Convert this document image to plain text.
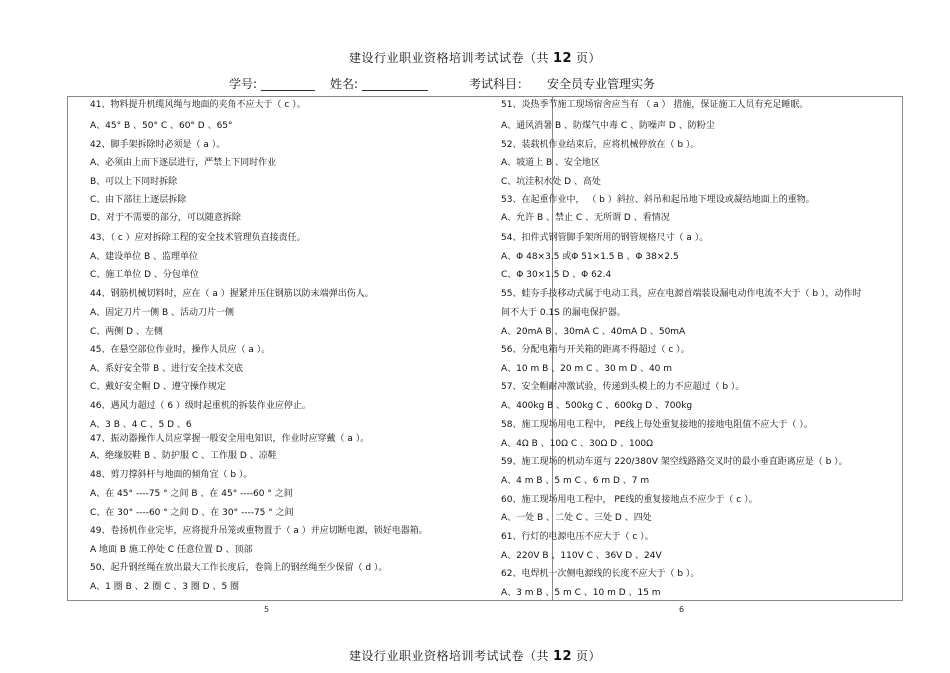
建设行业职业资格培训考试试卷（共 12 页）
学号: _________ 姓名: ___________	考试科目： 安全员专业管理实务
41、物料提升机缆风绳与地面的夹角不应大于（ c ）。
A、45° B 、50° C 、60° D 、65°
42、脚手架拆除时必须是（ a ）。
A、必须由上而下逐层进行，严禁上下同时作业
B、可以上下同时拆除
C、由下部往上逐层拆除
D、对于不需要的部分，可以随意拆除
43、（ c ）应对拆除工程的安全技术管理负直接责任。
A、建设单位 B 、监理单位
C、施工单位 D 、分包单位
44、钢筋机械切料时，应在（ a ）握紧并压住钢筋以防末端弹出伤人。
A、固定刀片一侧 B 、活动刀片一侧
C、两侧 D 、左侧
45、在悬空部位作业时，操作人员应（ a ）。
A、系好安全带 B 、进行安全技术交底
C、戴好安全帽 D 、遵守操作规定
46、遇风力超过（ 6 ）级时起重机的拆装作业应停止。
A、3 B 、4 C 、5 D 、6
47、振动器操作人员应掌握一般安全用电知识，作业时应穿戴（ a ）。
A、绝缘胶鞋 B 、防护服 C 、工作服 D 、凉鞋
48、剪刀撑斜杆与地面的倾角宜（ b ）。
A、在 45° ----75 ° 之间 B 、在 45° ----60 ° 之间
C、在 30° ----60 ° 之间 D 、在 30° ----75 ° 之间
49、卷扬机作业完毕，应将提升吊笼或重物置于（ a ）并应切断电源，锁好电器箱。
A 地面 B 施工停处 C 任意位置 D 、顶部
50、起升钢丝绳在放出最大工作长度后，卷筒上的钢丝绳至少保留（ d ）。
A、1 圈 B 、2 圈 C 、3 圈 D 、5 圈
51、炎热季节施工现场宿舍应当有 （ a ） 措施，保证施工人员有充足睡眠。
A、通风消暑 B 、防煤气中毒 C 、防噪声 D 、防粉尘
52、装载机作业结束后，应将机械停放在（ b ）。
A、坡道上 B 、安全地区
C、坑洼积水处 D 、高处
53、在起重作业中， （ b ）斜拉、斜吊和起吊地下埋设或凝结地面上的重物。
A、允许 B 、禁止 C 、无所谓 D 、看情况
54、扣件式钢管脚手架所用的钢管规格尺寸（ a ）。
A、Φ 48×3.5 或Φ 51×1.5 B 、Φ 38×2.5
C、Φ 30×1.5 D 、Φ 62.4
55、蛙夯手技移动式属于电动工具，应在电源首端装设漏电动作电流不大于（ b ），动作时
间不大于 0.1S 的漏电保护器。
A、20mA B 、30mA C 、40mA D 、50mA
56、分配电箱与开关箱的距离不得超过（ c ）。
A、10 m B 、20 m C 、30 m D 、40 m
57、安全帽耐冲激试验，传递到头模上的力不应超过（ b ）。
A、400kg B 、500kg C 、600kg D 、700kg
58、施工现场用电工程中， PE线上每处重复接地的接地电阻值不应大于（ ）。
A、4Ω B 、10Ω C 、30Ω D 、100Ω
59、施工现场的机动车道与 220/380V 架空线路路交叉时的最小垂直距离应是（ b ）。
A、4 m B 、5 m C 、6 m D 、7 m
60、施工现场用电工程中， PE线的重复接地点不应少于（ c ）。
A、一处 B 、二处 C 、三处 D 、四处
61、行灯的电源电压不应大于（ c ）。
A、220V B 、110V C 、36V D 、24V
62、电焊机一次侧电源线的长度不应大于（ b ）。
A、3 m B 、5 m C 、10 m D 、15 m
5	6
建设行业职业资格培训考试试卷（共 12 页）
